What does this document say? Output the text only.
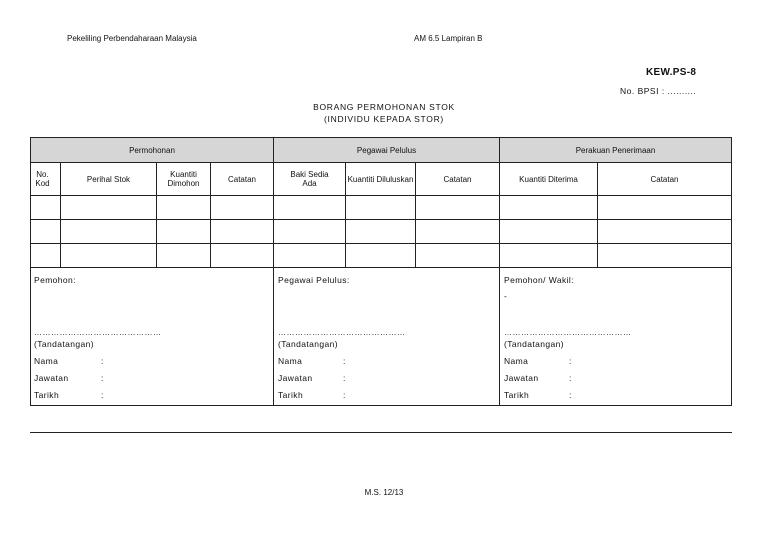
Pekeliling Perbendaharaan Malaysia	AM 6.5 Lampiran B
KEW.PS-8
No. BPSI : ..........
BORANG PERMOHONAN STOK
(INDIVIDU KEPADA STOR)
Permohonan	Pegawai Pelulus	Perakuan Penerimaan
No. Kod	Perihal Stok	Kuantiti Dimohon	Catatan	Baki Sedia Ada	Kuantiti Diluluskan	Catatan	Kuantiti Diterima	Catatan
Pemohon:
………………………………………
(Tandatangan)
Nama	:
Jawatan	:
Tarikh	:
Pegawai Pelulus:
………………………………………
(Tandatangan)
Nama	:
Jawatan	:
Tarikh	:
Pemohon/ Wakil:
-
………………………………………
(Tandatangan)
Nama	:
Jawatan	:
Tarikh	:
M.S. 12/13
